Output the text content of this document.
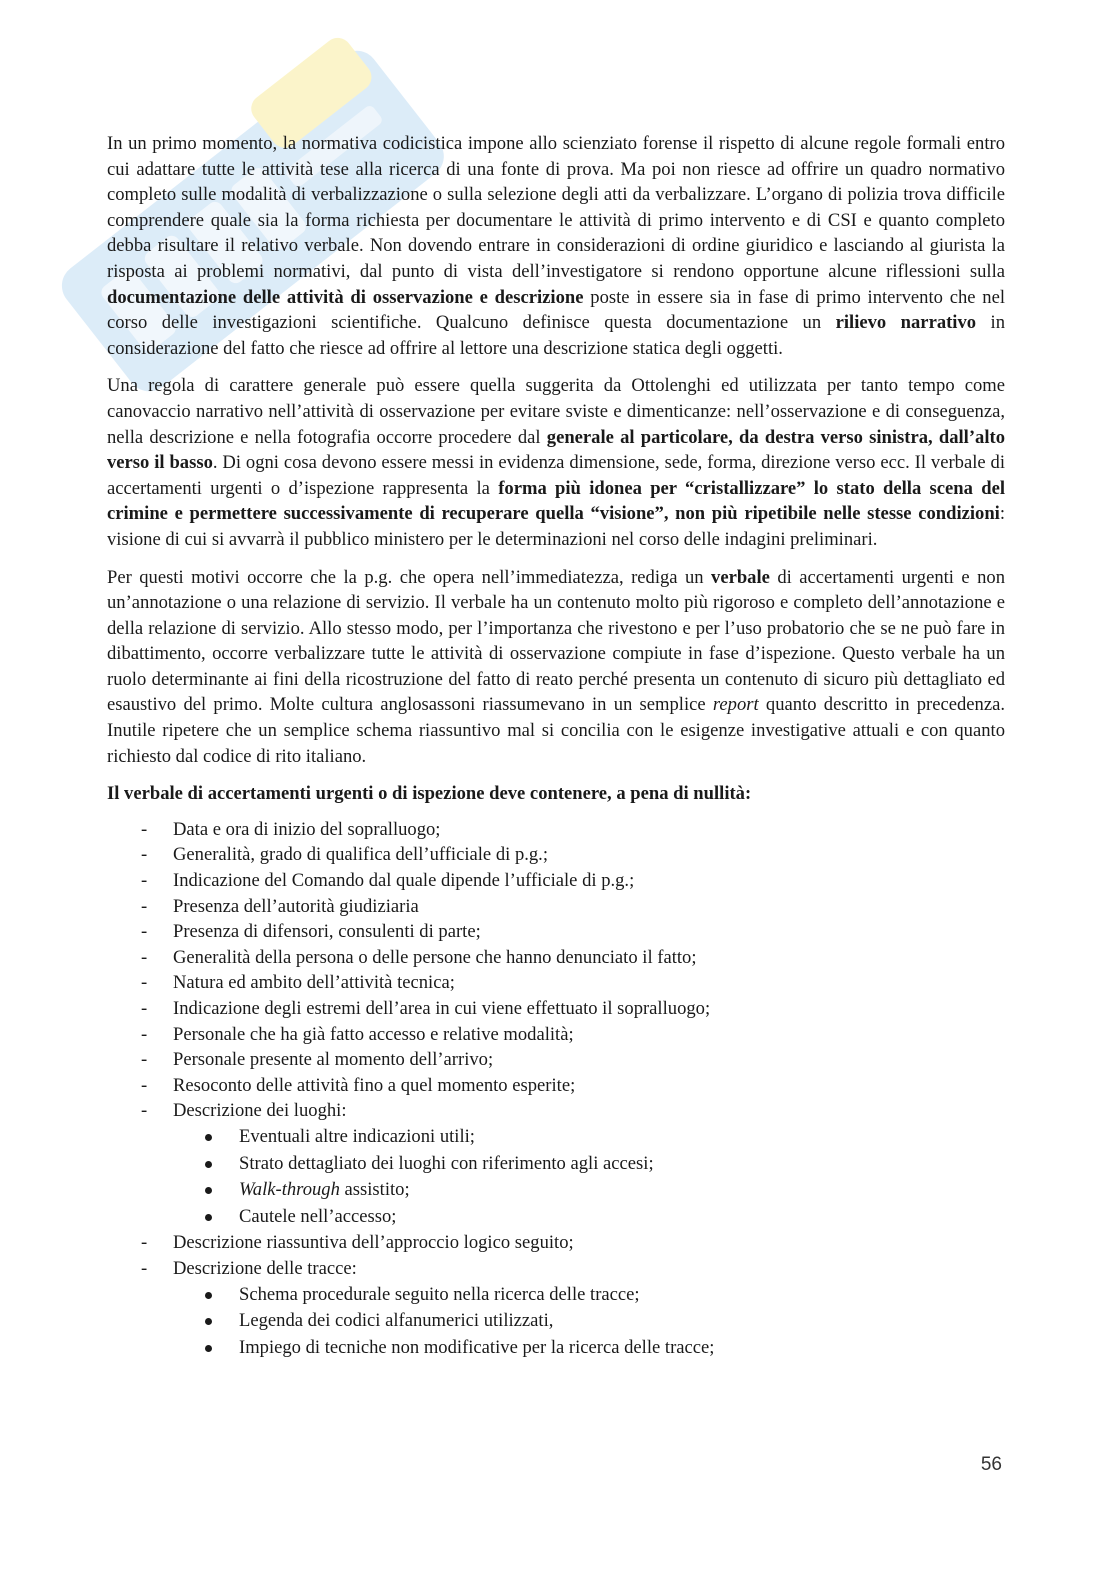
In un primo momento, la normativa codicistica impone allo scienziato forense il rispetto di alcune regole formali entro cui adattare tutte le attività tese alla ricerca di una fonte di prova. Ma poi non riesce ad offrire un quadro normativo completo sulle modalità di verbalizzazione o sulla selezione degli atti da verbalizzare. L’organo di polizia trova difficile comprendere quale sia la forma richiesta per documentare le attività di primo intervento e di CSI e quanto completo debba risultare il relativo verbale. Non dovendo entrare in considerazioni di ordine giuridico e lasciando al giurista la risposta ai problemi normativi, dal punto di vista dell’investigatore si rendono opportune alcune riflessioni sulla documentazione delle attività di osservazione e descrizione poste in essere sia in fase di primo intervento che nel corso delle investigazioni scientifiche. Qualcuno definisce questa documentazione un rilievo narrativo in considerazione del fatto che riesce ad offrire al lettore una descrizione statica degli oggetti.

Una regola di carattere generale può essere quella suggerita da Ottolenghi ed utilizzata per tanto tempo come canovaccio narrativo nell’attività di osservazione per evitare sviste e dimenticanze: nell’osservazione e di conseguenza, nella descrizione e nella fotografia occorre procedere dal generale al particolare, da destra verso sinistra, dall’alto verso il basso. Di ogni cosa devono essere messi in evidenza dimensione, sede, forma, direzione verso ecc. Il verbale di accertamenti urgenti o d’ispezione rappresenta la forma più idonea per “cristallizzare” lo stato della scena del crimine e permettere successivamente di recuperare quella “visione”, non più ripetibile nelle stesse condizioni: visione di cui si avvarrà il pubblico ministero per le determinazioni nel corso delle indagini preliminari.

Per questi motivi occorre che la p.g. che opera nell’immediatezza, rediga un verbale di accertamenti urgenti e non un’annotazione o una relazione di servizio. Il verbale ha un contenuto molto più rigoroso e completo dell’annotazione e della relazione di servizio. Allo stesso modo, per l’importanza che rivestono e per l’uso probatorio che se ne può fare in dibattimento, occorre verbalizzare tutte le attività di osservazione compiute in fase d’ispezione. Questo verbale ha un ruolo determinante ai fini della ricostruzione del fatto di reato perché presenta un contenuto di sicuro più dettagliato ed esaustivo del primo. Molte cultura anglosassoni riassumevano in un semplice report quanto descritto in precedenza. Inutile ripetere che un semplice schema riassuntivo mal si concilia con le esigenze investigative attuali e con quanto richiesto dal codice di rito italiano.

Il verbale di accertamenti urgenti o di ispezione deve contenere, a pena di nullità:

- Data e ora di inizio del sopralluogo;
- Generalità, grado di qualifica dell’ufficiale di p.g.;
- Indicazione del Comando dal quale dipende l’ufficiale di p.g.;
- Presenza dell’autorità giudiziaria
- Presenza di difensori, consulenti di parte;
- Generalità della persona o delle persone che hanno denunciato il fatto;
- Natura ed ambito dell’attività tecnica;
- Indicazione degli estremi dell’area in cui viene effettuato il sopralluogo;
- Personale che ha già fatto accesso e relative modalità;
- Personale presente al momento dell’arrivo;
- Resoconto delle attività fino a quel momento esperite;
- Descrizione dei luoghi:
Eventuali altre indicazioni utili;
Strato dettagliato dei luoghi con riferimento agli accesi;
Walk-through assistito;
Cautele nell’accesso;
- Descrizione riassuntiva dell’approccio logico seguito;
- Descrizione delle tracce:
Schema procedurale seguito nella ricerca delle tracce;
Legenda dei codici alfanumerici utilizzati,
Impiego di tecniche non modificative per la ricerca delle tracce;
56
